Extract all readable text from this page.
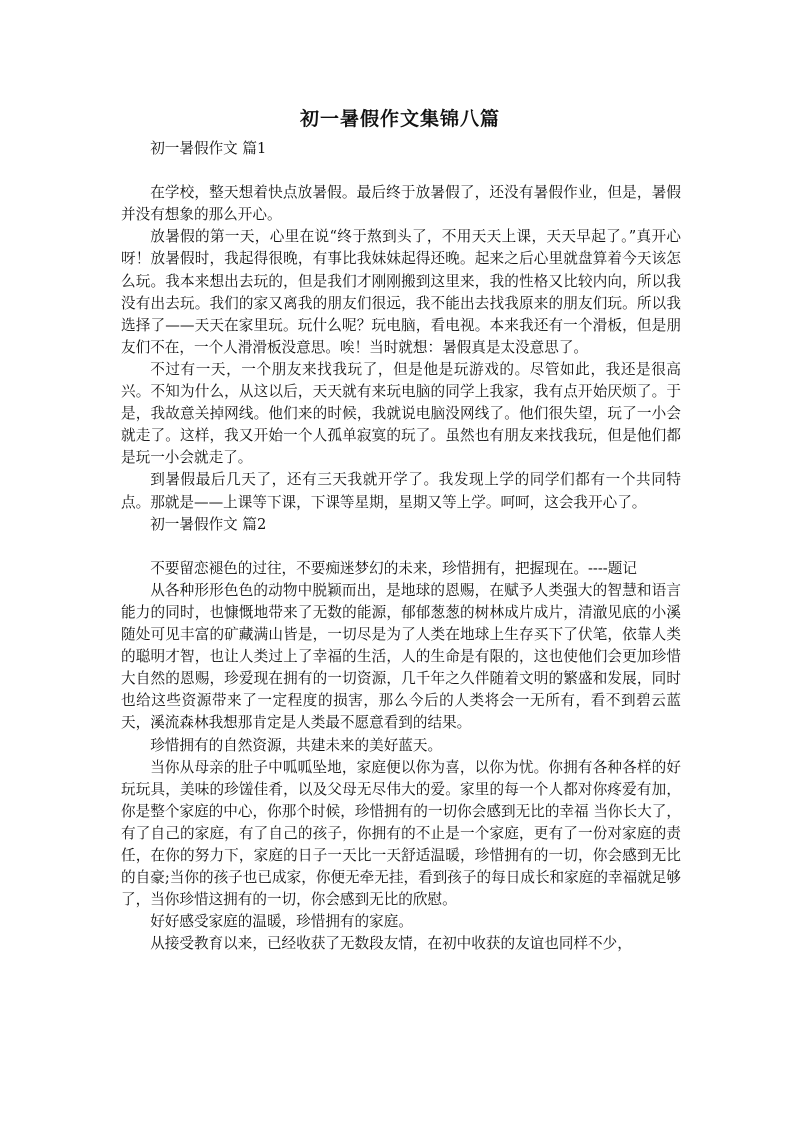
初一暑假作文集锦八篇
初一暑假作文 篇1

在学校，整天想着快点放暑假。最后终于放暑假了，还没有暑假作业，但是，暑假并没有想象的那么开心。

放暑假的第一天，心里在说“终于熬到头了，不用天天上课，天天早起了。”真开心呀！放暑假时，我起得很晚，有事比我妹妹起得还晚。起来之后心里就盘算着今天该怎么玩。我本来想出去玩的，但是我们才刚刚搬到这里来，我的性格又比较内向，所以我没有出去玩。我们的家又离我的朋友们很远，我不能出去找我原来的朋友们玩。所以我选择了——天天在家里玩。玩什么呢？玩电脑，看电视。本来我还有一个滑板，但是朋友们不在，一个人滑滑板没意思。唉！当时就想：暑假真是太没意思了。

不过有一天，一个朋友来找我玩了，但是他是玩游戏的。尽管如此，我还是很高兴。不知为什么，从这以后，天天就有来玩电脑的同学上我家，我有点开始厌烦了。于是，我故意关掉网线。他们来的时候，我就说电脑没网线了。他们很失望，玩了一小会就走了。这样，我又开始一个人孤单寂寞的玩了。虽然也有朋友来找我玩，但是他们都是玩一小会就走了。

到暑假最后几天了，还有三天我就开学了。我发现上学的同学们都有一个共同特点。那就是——上课等下课，下课等星期，星期又等上学。呵呵，这会我开心了。

初一暑假作文 篇2

不要留恋褪色的过往，不要痴迷梦幻的未来，珍惜拥有，把握现在。----题记

从各种形形色色的动物中脱颖而出，是地球的恩赐，在赋予人类强大的智慧和语言能力的同时，也慷慨地带来了无数的能源，郁郁葱葱的树林成片成片，清澈见底的小溪随处可见丰富的矿藏满山皆是，一切尽是为了人类在地球上生存买下了伏笔，依靠人类的聪明才智，也让人类过上了幸福的生活，人的生命是有限的，这也使他们会更加珍惜大自然的恩赐，珍爱现在拥有的一切资源，几千年之久伴随着文明的繁盛和发展，同时也给这些资源带来了一定程度的损害，那么今后的人类将会一无所有，看不到碧云蓝天，溪流森林我想那肯定是人类最不愿意看到的结果。

珍惜拥有的自然资源，共建未来的美好蓝天。

当你从母亲的肚子中呱呱坠地，家庭便以你为喜，以你为忧。你拥有各种各样的好玩玩具，美味的珍馐佳肴，以及父母无尽伟大的爱。家里的每一个人都对你疼爱有加，你是整个家庭的中心，你那个时候，珍惜拥有的一切你会感到无比的幸福 当你长大了，有了自己的家庭，有了自己的孩子，你拥有的不止是一个家庭，更有了一份对家庭的责任，在你的努力下，家庭的日子一天比一天舒适温暖，珍惜拥有的一切，你会感到无比的自豪;当你的孩子也已成家，你便无牵无挂，看到孩子的每日成长和家庭的幸福就足够了，当你珍惜这拥有的一切，你会感到无比的欣慰。

好好感受家庭的温暖，珍惜拥有的家庭。

从接受教育以来，已经收获了无数段友情，在初中收获的友谊也同样不少，
